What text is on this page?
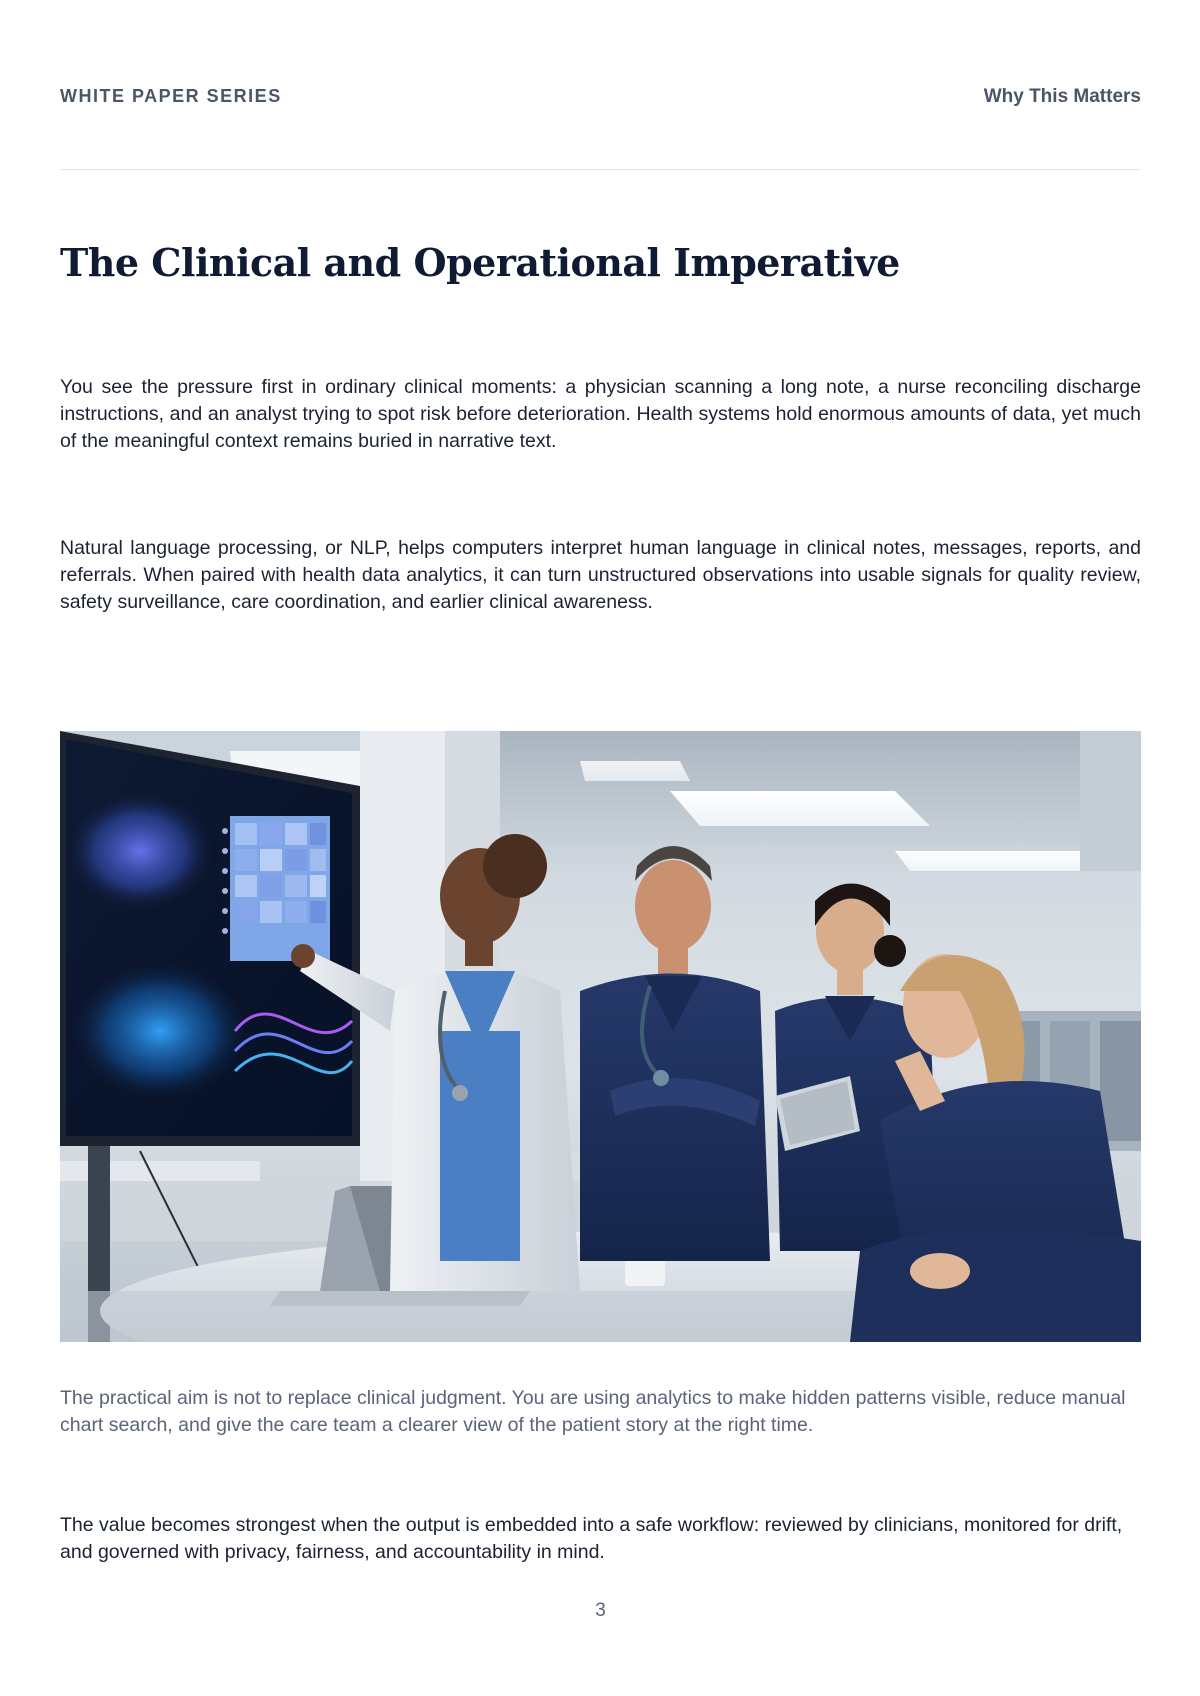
WHITE PAPER SERIES	Why This Matters
The Clinical and Operational Imperative

You see the pressure first in ordinary clinical moments: a physician scanning a long note, a nurse reconciling discharge instructions, and an analyst trying to spot risk before deterioration. Health systems hold enormous amounts of data, yet much of the meaningful context remains buried in narrative text.

Natural language processing, or NLP, helps computers interpret human language in clinical notes, messages, reports, and referrals. When paired with health data analytics, it can turn unstructured observations into usable signals for quality review, safety surveillance, care coordination, and earlier clinical awareness.

The practical aim is not to replace clinical judgment. You are using analytics to make hidden patterns visible, reduce manual chart search, and give the care team a clearer view of the patient story at the right time.

The value becomes strongest when the output is embedded into a safe workflow: reviewed by clinicians, monitored for drift, and governed with privacy, fairness, and accountability in mind.

3
